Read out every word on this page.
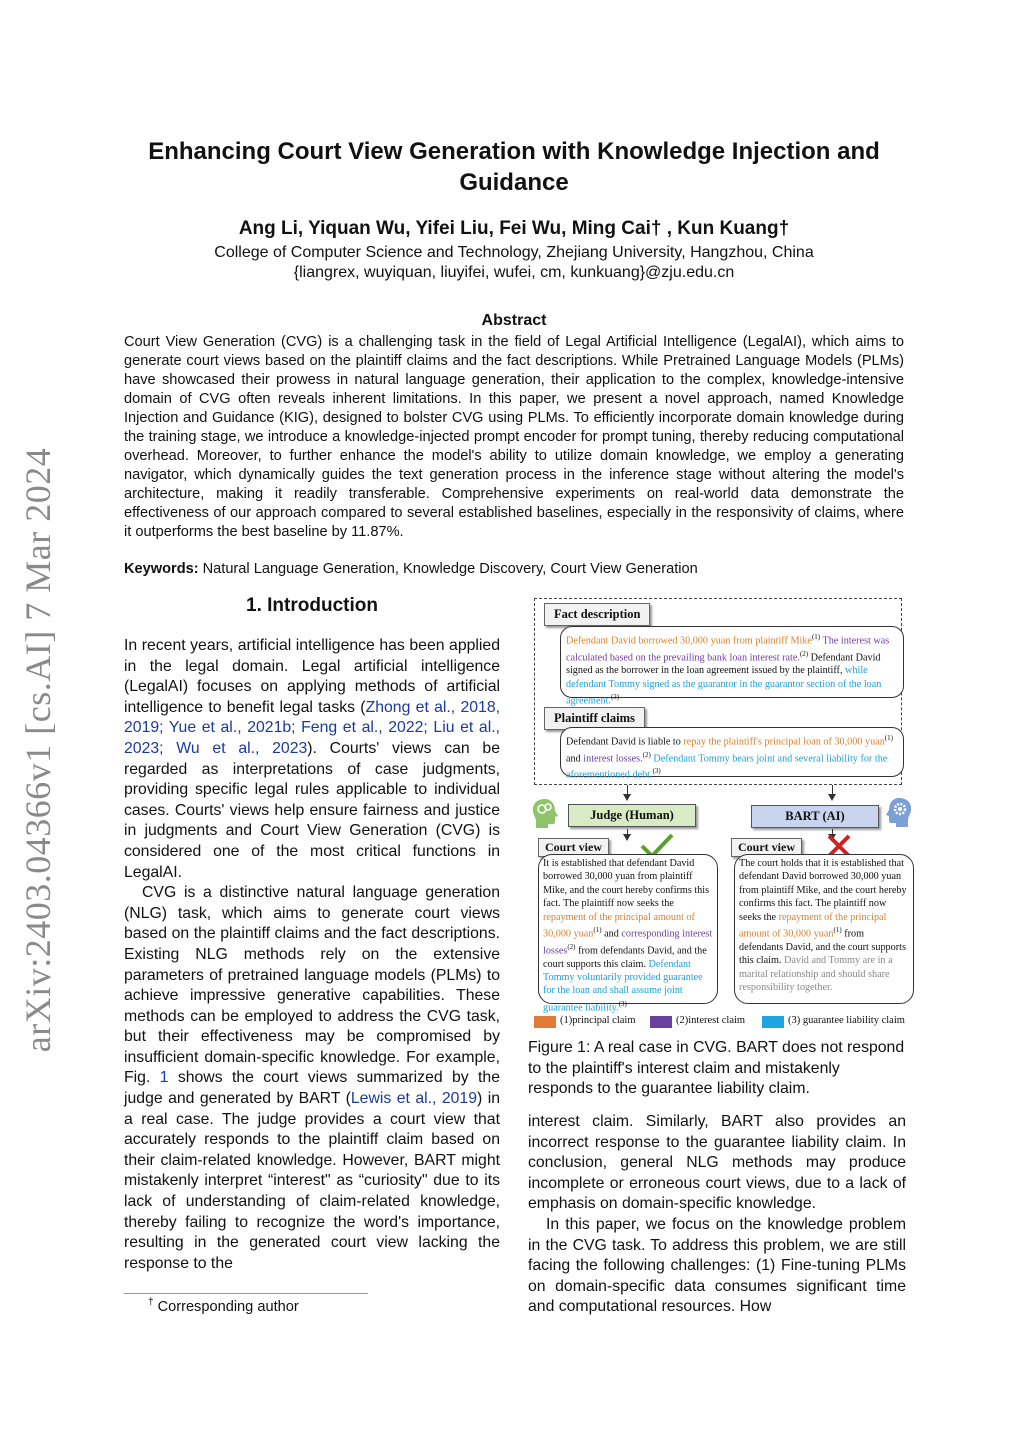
arXiv:2403.04366v1 [cs.AI] 7 Mar 2024
Enhancing Court View Generation with Knowledge Injection and Guidance
Ang Li, Yiquan Wu, Yifei Liu, Fei Wu, Ming Cai† , Kun Kuang†
College of Computer Science and Technology, Zhejiang University, Hangzhou, China
{liangrex, wuyiquan, liuyifei, wufei, cm, kunkuang}@zju.edu.cn
Abstract
Court View Generation (CVG) is a challenging task in the field of Legal Artificial Intelligence (LegalAI), which aims to generate court views based on the plaintiff claims and the fact descriptions. While Pretrained Language Models (PLMs) have showcased their prowess in natural language generation, their application to the complex, knowledge-intensive domain of CVG often reveals inherent limitations. In this paper, we present a novel approach, named Knowledge Injection and Guidance (KIG), designed to bolster CVG using PLMs. To efficiently incorporate domain knowledge during the training stage, we introduce a knowledge-injected prompt encoder for prompt tuning, thereby reducing computational overhead. Moreover, to further enhance the model's ability to utilize domain knowledge, we employ a generating navigator, which dynamically guides the text generation process in the inference stage without altering the model's architecture, making it readily transferable. Comprehensive experiments on real-world data demonstrate the effectiveness of our approach compared to several established baselines, especially in the responsivity of claims, where it outperforms the best baseline by 11.87%.
Keywords: Natural Language Generation, Knowledge Discovery, Court View Generation
1. Introduction

In recent years, artificial intelligence has been applied in the legal domain. Legal artificial intelligence (LegalAI) focuses on applying methods of artificial intelligence to benefit legal tasks (Zhong et al., 2018, 2019; Yue et al., 2021b; Feng et al., 2022; Liu et al., 2023; Wu et al., 2023). Courts' views can be regarded as interpretations of case judgments, providing specific legal rules applicable to individual cases. Courts' views help ensure fairness and justice in judgments and Court View Generation (CVG) is considered one of the most critical functions in LegalAI.

CVG is a distinctive natural language generation (NLG) task, which aims to generate court views based on the plaintiff claims and the fact descriptions. Existing NLG methods rely on the extensive parameters of pretrained language models (PLMs) to achieve impressive generative capabilities. These methods can be employed to address the CVG task, but their effectiveness may be compromised by insufficient domain-specific knowledge. For example, Fig. 1 shows the court views summarized by the judge and generated by BART (Lewis et al., 2019) in a real case. The judge provides a court view that accurately responds to the plaintiff claim based on their claim-related knowledge. However, BART might mistakenly interpret “interest" as “curiosity" due to its lack of understanding of claim-related knowledge, thereby failing to recognize the word's importance, resulting in the generated court view lacking the response to the

† Corresponding author
Fact description
Defendant David borrowed 30,000 yuan from plaintiff Mike$^{(1)}$ The interest was calculated based on the prevailing bank loan interest rate.$^{(2)}$ Defendant David signed as the borrower in the loan agreement issued by the plaintiff, while defendant Tommy signed as the guarantor in the guarantor section of the loan agreement.$^{(3)}$
Plaintiff claims
Defendant David is liable to repay the plaintiff's principal loan of 30,000 yuan$^{(1)}$ and interest losses.$^{(2)}$ Defendant Tommy bears joint and several liability for the aforementioned debt.$^{(3)}$
Judge (Human)	BART (AI)
Court view
It is established that defendant David borrowed 30,000 yuan from plaintiff Mike, and the court hereby confirms this fact. The plaintiff now seeks the repayment of the principal amount of 30,000 yuan$^{(1)}$ and corresponding interest losses$^{(2)}$ from defendants David, and the court supports this claim. Defendant Tommy voluntarily provided guarantee for the loan and shall assume joint guarantee liability.$^{(3)}$
Court view
The court holds that it is established that defendant David borrowed 30,000 yuan from plaintiff Mike, and the court hereby confirms this fact. The plaintiff now seeks the repayment of the principal amount of 30,000 yuan$^{(1)}$ from defendants David, and the court supports this claim. David and Tommy are in a marital relationship and should share responsibility together.
(1)principal claim	(2)interest claim	(3) guarantee liability claim
Figure 1: A real case in CVG. BART does not respond to the plaintiff's interest claim and mistakenly responds to the guarantee liability claim.

interest claim. Similarly, BART also provides an incorrect response to the guarantee liability claim. In conclusion, general NLG methods may produce incomplete or erroneous court views, due to a lack of emphasis on domain-specific knowledge.

In this paper, we focus on the knowledge problem in the CVG task. To address this problem, we are still facing the following challenges: (1) Fine-tuning PLMs on domain-specific data consumes significant time and computational resources. How
